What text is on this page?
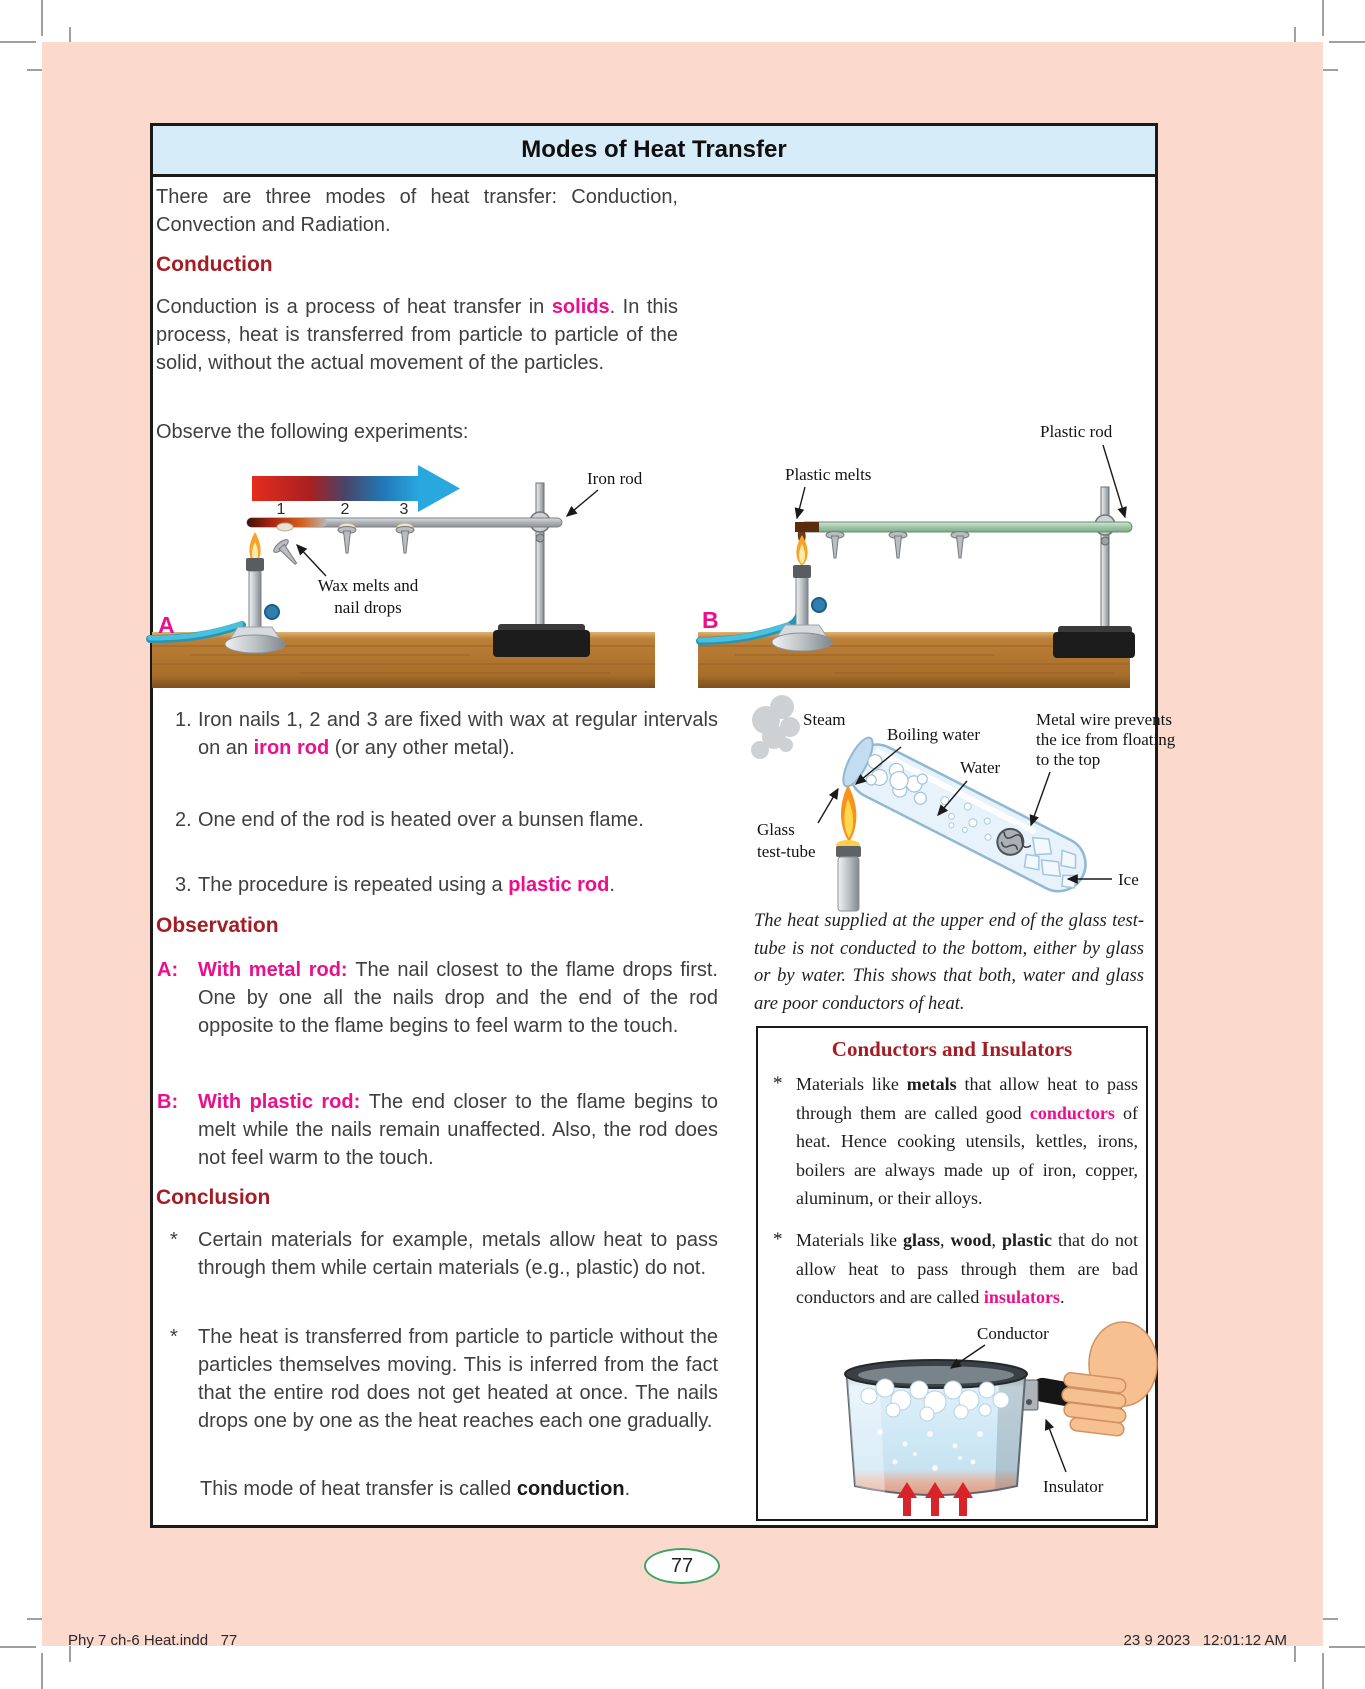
Modes of Heat Transfer

There are three modes of heat transfer: Conduction, Convection and Radiation.

Conduction

Conduction is a process of heat transfer in solids. In this process, heat is transferred from particle to particle of the solid, without the actual movement of the particles.

Observe the following experiments:

1. Iron nails 1, 2 and 3 are fixed with wax at regular intervals on an iron rod (or any other metal).

2. One end of the rod is heated over a bunsen flame.

3. The procedure is repeated using a plastic rod.

Observation
A: With metal rod: The nail closest to the flame drops first. One by one all the nails drop and the end of the rod opposite to the flame begins to feel warm to the touch.

B: With plastic rod: The end closer to the flame begins to melt while the nails remain unaffected. Also, the rod does not feel warm to the touch.

Conclusion
* Certain materials for example, metals allow heat to pass through them while certain materials (e.g., plastic) do not.

* The heat is transferred from particle to particle without the particles themselves moving. This is inferred from the fact that the entire rod does not get heated at once. The nails drops one by one as the heat reaches each one gradually.

This mode of heat transfer is called conduction.

1	2	3
Iron rod
Wax melts and
nail drops
A
Plastic rod
Plastic melts
B
Steam
Boiling water
Water
Metal wire prevents
the ice from floating
to the top
Glass
test-tube
Ice

The heat supplied at the upper end of the glass test-tube is not conducted to the bottom, either by glass or by water. This shows that both, water and glass are poor conductors of heat.

Conductors and Insulators
* Materials like metals that allow heat to pass through them are called good conductors of heat. Hence cooking utensils, kettles, irons, boilers are always made up of iron, copper, aluminum, or their alloys.

* Materials like glass, wood, plastic that do not allow heat to pass through them are bad conductors and are called insulators.

Conductor
Insulator
77
Phy 7 ch-6 Heat.indd   77	23 9 2023   12:01:12 AM
